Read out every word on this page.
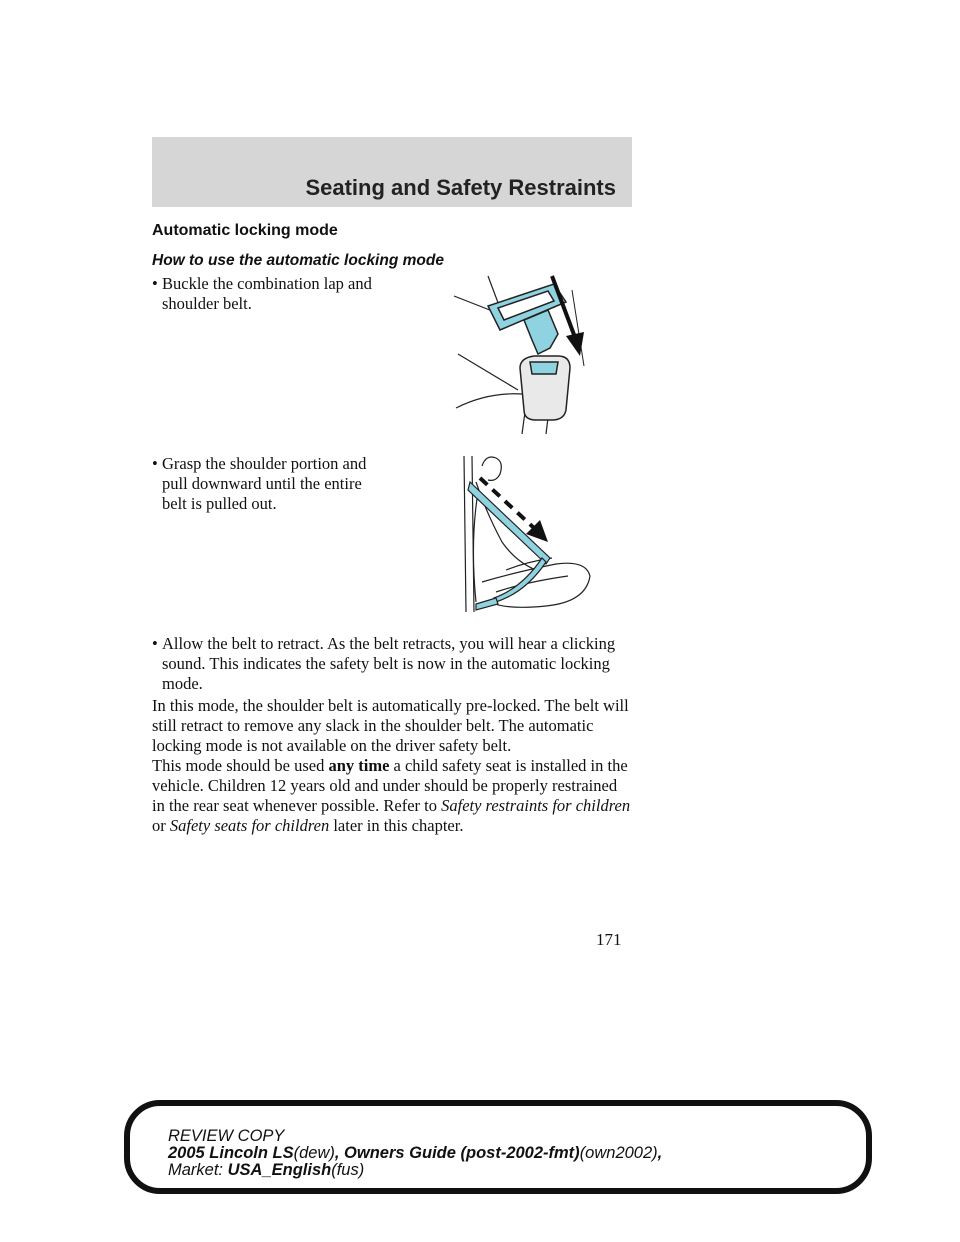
Seating and Safety Restraints
Automatic locking mode
How to use the automatic locking mode
• Buckle the combination lap and shoulder belt.
• Grasp the shoulder portion and pull downward until the entire belt is pulled out.
• Allow the belt to retract. As the belt retracts, you will hear a clicking sound. This indicates the safety belt is now in the automatic locking mode.

In this mode, the shoulder belt is automatically pre-locked. The belt will still retract to remove any slack in the shoulder belt. The automatic locking mode is not available on the driver safety belt.

This mode should be used any time a child safety seat is installed in the vehicle. Children 12 years old and under should be properly restrained in the rear seat whenever possible. Refer to Safety restraints for children or Safety seats for children later in this chapter.

171
REVIEW COPY
2005 Lincoln LS(dew), Owners Guide (post-2002-fmt)(own2002),
Market: USA_English(fus)
